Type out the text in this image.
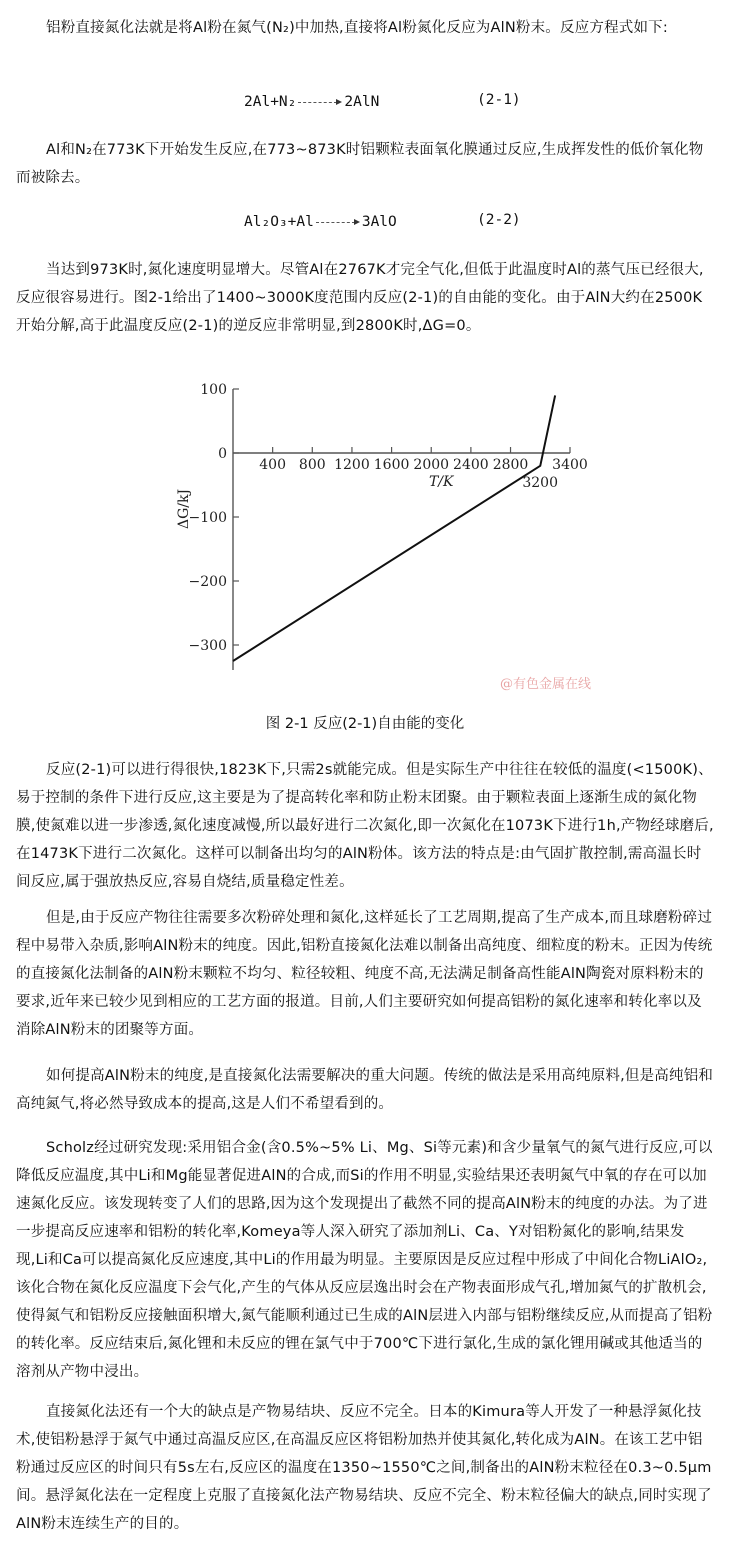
铝粉直接氮化法就是将Al粉在氮气(N₂)中加热,直接将Al粉氮化反应为AlN粉末。反应方程式如下:

2Al+N₂	2AlN	(2-1)

Al和N₂在773K下开始发生反应,在773~873K时铝颗粒表面氧化膜通过反应,生成挥发性的低价氧化物而被除去。

Al₂O₃+Al	3AlO	(2-2)

当达到973K时,氮化速度明显增大。尽管Al在2767K才完全气化,但低于此温度时Al的蒸气压已经很大,反应很容易进行。图2-1给出了1400~3000K度范围内反应(2-1)的自由能的变化。由于AlN大约在2500K开始分解,高于此温度反应(2-1)的逆反应非常明显,到2800K时,ΔG=0。

100
0
−100
−200
−300
400 800 1200 1600 2000 2400 2800 3400
3200
T/K
ΔG/kJ
@有色金属在线
图 2-1 反应(2-1)自由能的变化

反应(2-1)可以进行得很快,1823K下,只需2s就能完成。但是实际生产中往往在较低的温度(<1500K)、易于控制的条件下进行反应,这主要是为了提高转化率和防止粉末团聚。由于颗粒表面上逐渐生成的氮化物膜,使氮难以进一步渗透,氮化速度减慢,所以最好进行二次氮化,即一次氮化在1073K下进行1h,产物经球磨后,在1473K下进行二次氮化。这样可以制备出均匀的AlN粉体。该方法的特点是:由气固扩散控制,需高温长时间反应,属于强放热反应,容易自烧结,质量稳定性差。

但是,由于反应产物往往需要多次粉碎处理和氮化,这样延长了工艺周期,提高了生产成本,而且球磨粉碎过程中易带入杂质,影响AlN粉末的纯度。因此,铝粉直接氮化法难以制备出高纯度、细粒度的粉末。正因为传统的直接氮化法制备的AlN粉末颗粒不均匀、粒径较粗、纯度不高,无法满足制备高性能AlN陶瓷对原料粉末的要求,近年来已较少见到相应的工艺方面的报道。目前,人们主要研究如何提高铝粉的氮化速率和转化率以及消除AlN粉末的团聚等方面。

如何提高AlN粉末的纯度,是直接氮化法需要解决的重大问题。传统的做法是采用高纯原料,但是高纯铝和高纯氮气,将必然导致成本的提高,这是人们不希望看到的。

Scholz经过研究发现:采用铝合金(含0.5%~5% Li、Mg、Si等元素)和含少量氧气的氮气进行反应,可以降低反应温度,其中Li和Mg能显著促进AlN的合成,而Si的作用不明显,实验结果还表明氮气中氧的存在可以加速氮化反应。该发现转变了人们的思路,因为这个发现提出了截然不同的提高AlN粉末的纯度的办法。为了进一步提高反应速率和铝粉的转化率,Komeya等人深入研究了添加剂Li、Ca、Y对铝粉氮化的影响,结果发现,Li和Ca可以提高氮化反应速度,其中Li的作用最为明显。主要原因是反应过程中形成了中间化合物LiAlO₂,该化合物在氮化反应温度下会气化,产生的气体从反应层逸出时会在产物表面形成气孔,增加氮气的扩散机会,使得氮气和铝粉反应接触面积增大,氮气能顺利通过已生成的AlN层进入内部与铝粉继续反应,从而提高了铝粉的转化率。反应结束后,氮化锂和未反应的锂在氯气中于700℃下进行氯化,生成的氯化锂用碱或其他适当的溶剂从产物中浸出。

直接氮化法还有一个大的缺点是产物易结块、反应不完全。日本的Kimura等人开发了一种悬浮氮化技术,使铝粉悬浮于氮气中通过高温反应区,在高温反应区将铝粉加热并使其氮化,转化成为AlN。在该工艺中铝粉通过反应区的时间只有5s左右,反应区的温度在1350~1550℃之间,制备出的AlN粉末粒径在0.3~0.5μm间。悬浮氮化法在一定程度上克服了直接氮化法产物易结块、反应不完全、粉末粒径偏大的缺点,同时实现了AlN粉末连续生产的目的。
